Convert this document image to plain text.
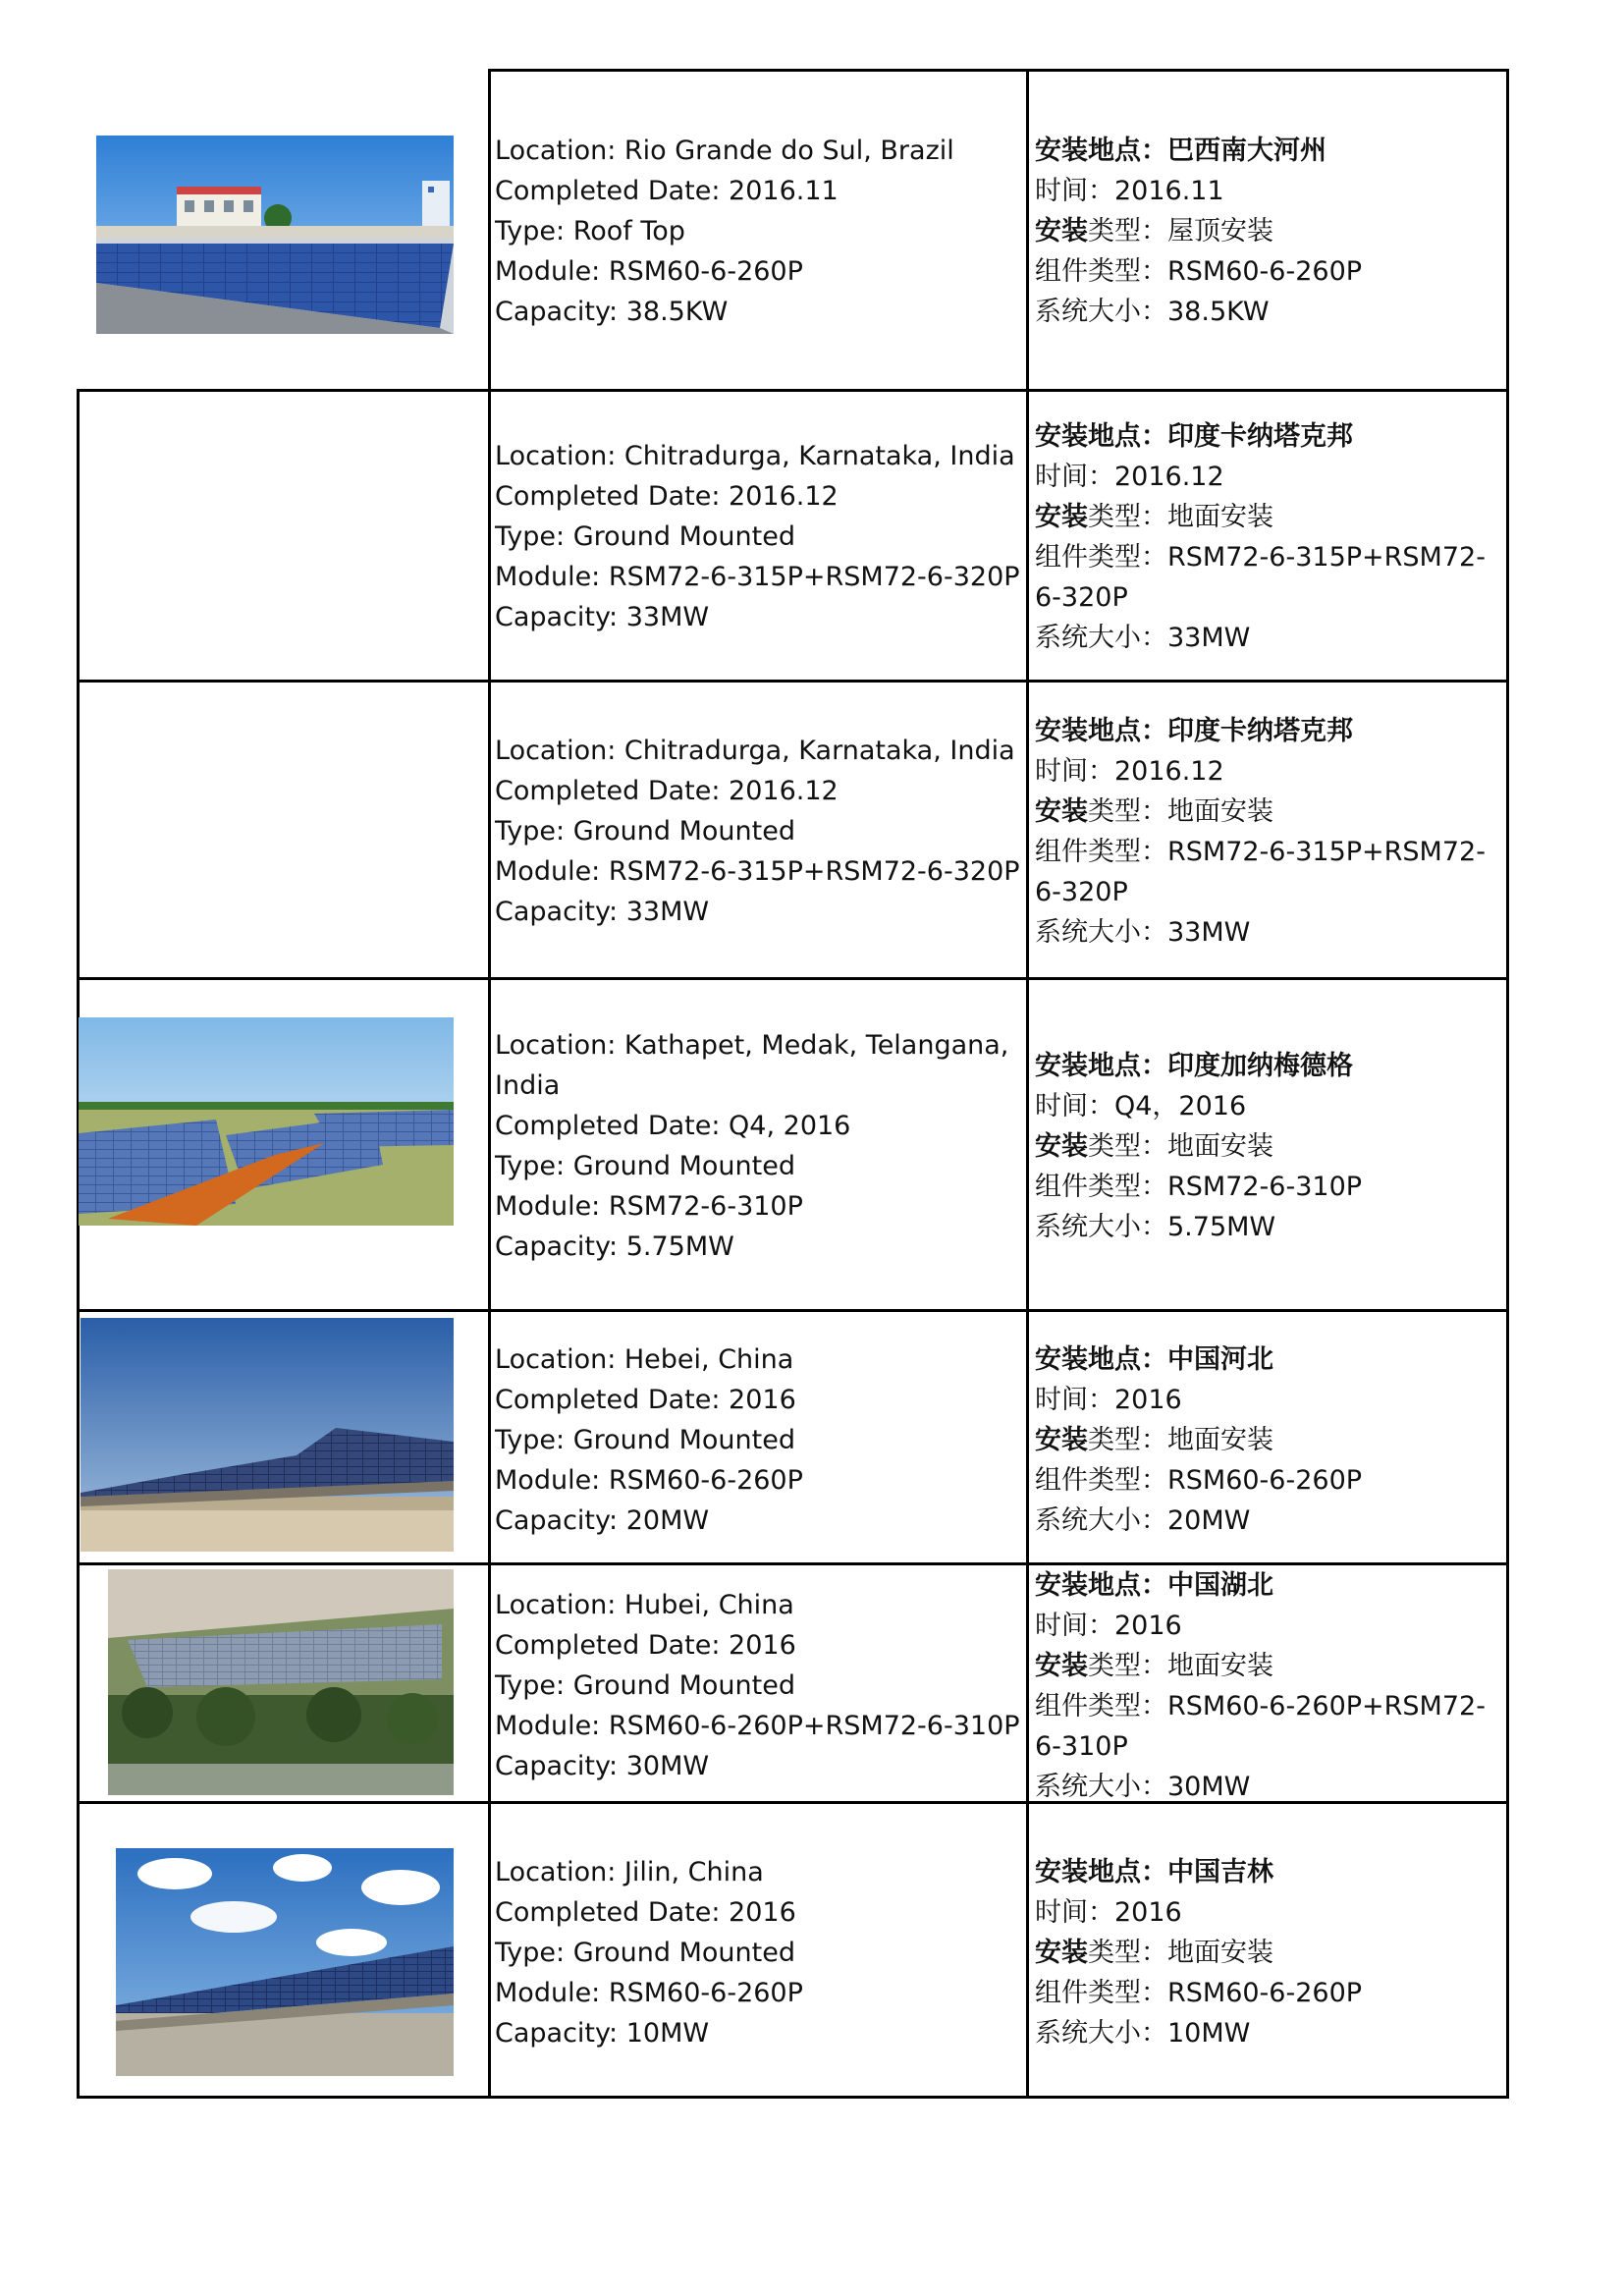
Location: Rio Grande do Sul, Brazil
Completed Date: 2016.11
Type: Roof Top
Module: RSM60-6-260P
Capacity: 38.5KW
安装地点：巴西南大河州
时间：2016.11
安装类型：屋顶安装
组件类型：RSM60-6-260P
系统大小：38.5KW
Location: Chitradurga, Karnataka, India
Completed Date: 2016.12
Type: Ground Mounted
Module: RSM72-6-315P+RSM72-6-320P
Capacity: 33MW
安装地点：印度卡纳塔克邦
时间：2016.12
安装类型：地面安装
组件类型：RSM72-6-315P+RSM72-6-320P
系统大小：33MW
Location: Chitradurga, Karnataka, India
Completed Date: 2016.12
Type: Ground Mounted
Module: RSM72-6-315P+RSM72-6-320P
Capacity: 33MW
安装地点：印度卡纳塔克邦
时间：2016.12
安装类型：地面安装
组件类型：RSM72-6-315P+RSM72-6-320P
系统大小：33MW
Location: Kathapet, Medak, Telangana,
India
Completed Date: Q4, 2016
Type: Ground Mounted
Module: RSM72-6-310P
Capacity: 5.75MW
安装地点：印度加纳梅德格
时间：Q4，2016
安装类型：地面安装
组件类型：RSM72-6-310P
系统大小：5.75MW
Location: Hebei, China
Completed Date: 2016
Type: Ground Mounted
Module: RSM60-6-260P
Capacity: 20MW
安装地点：中国河北
时间：2016
安装类型：地面安装
组件类型：RSM60-6-260P
系统大小：20MW
Location: Hubei, China
Completed Date: 2016
Type: Ground Mounted
Module: RSM60-6-260P+RSM72-6-310P
Capacity: 30MW
安装地点：中国湖北
时间：2016
安装类型：地面安装
组件类型：RSM60-6-260P+RSM72-6-310P
系统大小：30MW
Location: Jilin, China
Completed Date: 2016
Type: Ground Mounted
Module: RSM60-6-260P
Capacity: 10MW
安装地点：中国吉林
时间：2016
安装类型：地面安装
组件类型：RSM60-6-260P
系统大小：10MW
